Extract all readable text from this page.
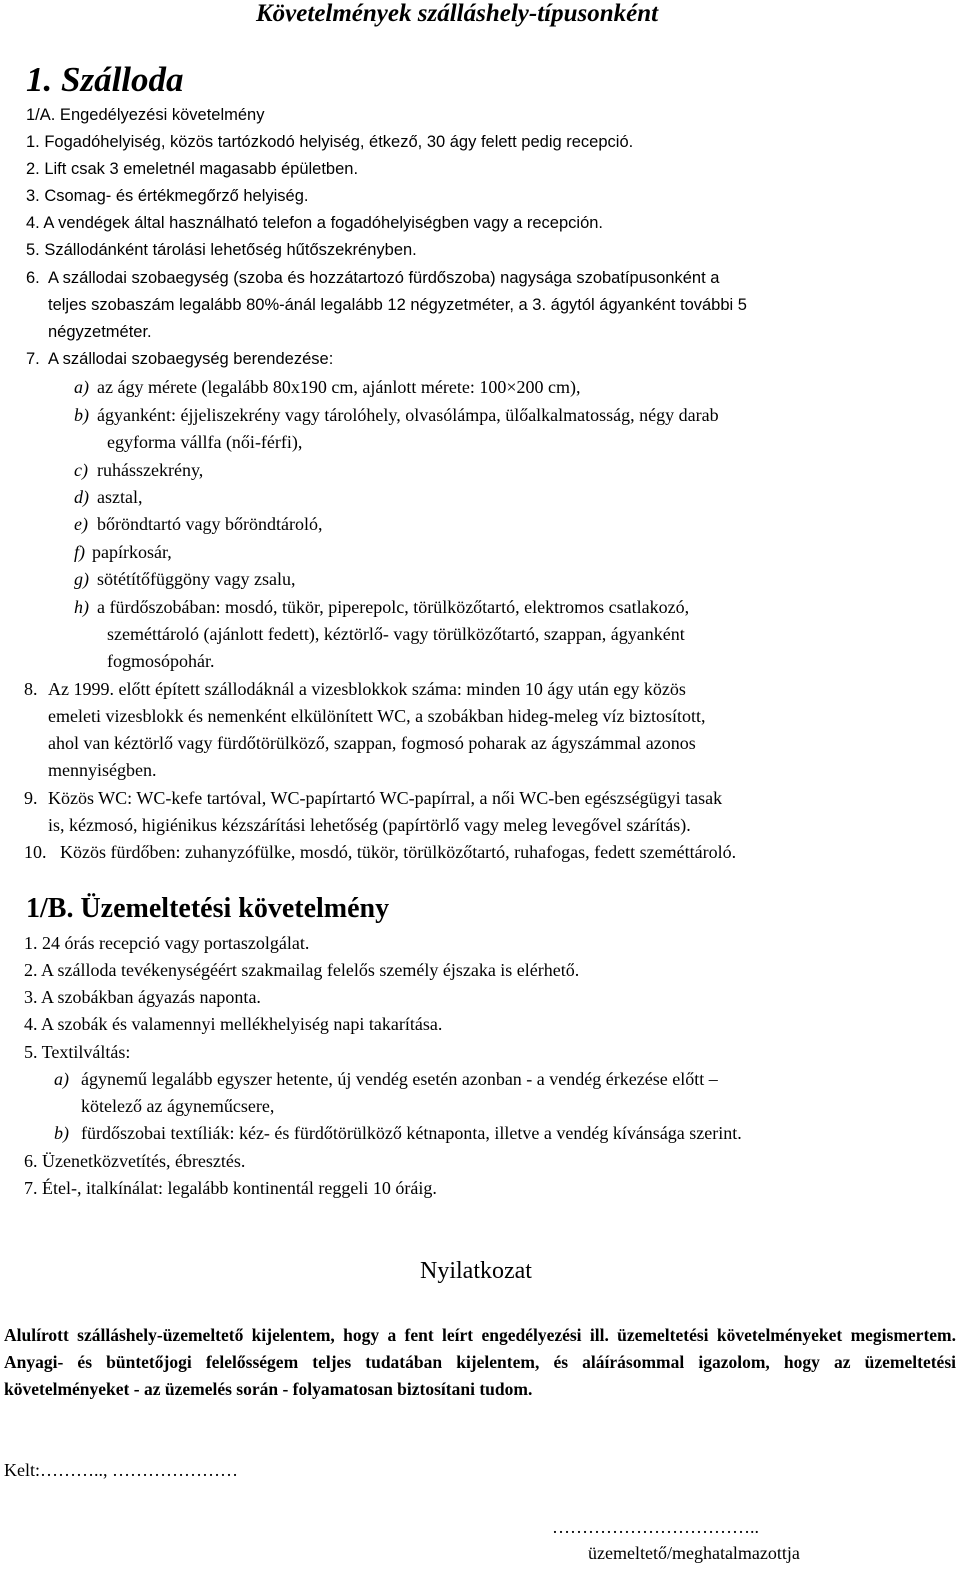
Követelmények szálláshely-típusonként
1. Szálloda
1/A. Engedélyezési követelmény
1. Fogadóhelyiség, közös tartózkodó helyiség, étkező, 30 ágy felett pedig recepció.
2. Lift csak 3 emeletnél magasabb épületben.
3. Csomag- és értékmegőrző helyiség.
4. A vendégek által használható telefon a fogadóhelyiségben vagy a recepción.
5. Szállodánként tárolási lehetőség hűtőszekrényben.
6. A szállodai szobaegység (szoba és hozzátartozó fürdőszoba) nagysága szobatípusonként a
teljes szobaszám legalább 80%-ánál legalább 12 négyzetméter, a 3. ágytól ágyanként további 5
négyzetméter.
7. A szállodai szobaegység berendezése:
a) az ágy mérete (legalább 80x190 cm, ajánlott mérete: 100×200 cm),
b) ágyanként: éjjeliszekrény vagy tárolóhely, olvasólámpa, ülőalkalmatosság, négy darab
egyforma vállfa (női-férfi),
c) ruhásszekrény,
d) asztal,
e) bőröndtartó vagy bőröndtároló,
f) papírkosár,
g) sötétítőfüggöny vagy zsalu,
h) a fürdőszobában: mosdó, tükör, piperepolc, törülközőtartó, elektromos csatlakozó,
szeméttároló (ajánlott fedett), kéztörlő- vagy törülközőtartó, szappan, ágyanként
fogmosópohár.
8. Az 1999. előtt épített szállodáknál a vizesblokkok száma: minden 10 ágy után egy közös
emeleti vizesblokk és nemenként elkülönített WC, a szobákban hideg-meleg víz biztosított,
ahol van kéztörlő vagy fürdőtörülköző, szappan, fogmosó poharak az ágyszámmal azonos
mennyiségben.
9. Közös WC: WC-kefe tartóval, WC-papírtartó WC-papírral, a női WC-ben egészségügyi tasak
is, kézmosó, higiénikus kézszárítási lehetőség (papírtörlő vagy meleg levegővel szárítás).
10. Közös fürdőben: zuhanyzófülke, mosdó, tükör, törülközőtartó, ruhafogas, fedett szeméttároló.
1/B. Üzemeltetési követelmény
1. 24 órás recepció vagy portaszolgálat.
2. A szálloda tevékenységéért szakmailag felelős személy éjszaka is elérhető.
3. A szobákban ágyazás naponta.
4. A szobák és valamennyi mellékhelyiség napi takarítása.
5. Textilváltás:
a) ágynemű legalább egyszer hetente, új vendég esetén azonban - a vendég érkezése előtt –
kötelező az ágyneműcsere,
b) fürdőszobai textíliák: kéz- és fürdőtörülköző kétnaponta, illetve a vendég kívánsága szerint.
6. Üzenetközvetítés, ébresztés.
7. Étel-, italkínálat: legalább kontinentál reggeli 10 óráig.
Nyilatkozat
Alulírott szálláshely-üzemeltető kijelentem, hogy a fent leírt engedélyezési ill. üzemeltetési követelményeket megismertem. Anyagi- és büntetőjogi felelősségem teljes tudatában kijelentem, és aláírásommal igazolom, hogy az üzemeltetési követelményeket - az üzemelés során - folyamatosan biztosítani tudom.
Kelt:……….., …………………
……………………………..
üzemeltető/meghatalmazottja
